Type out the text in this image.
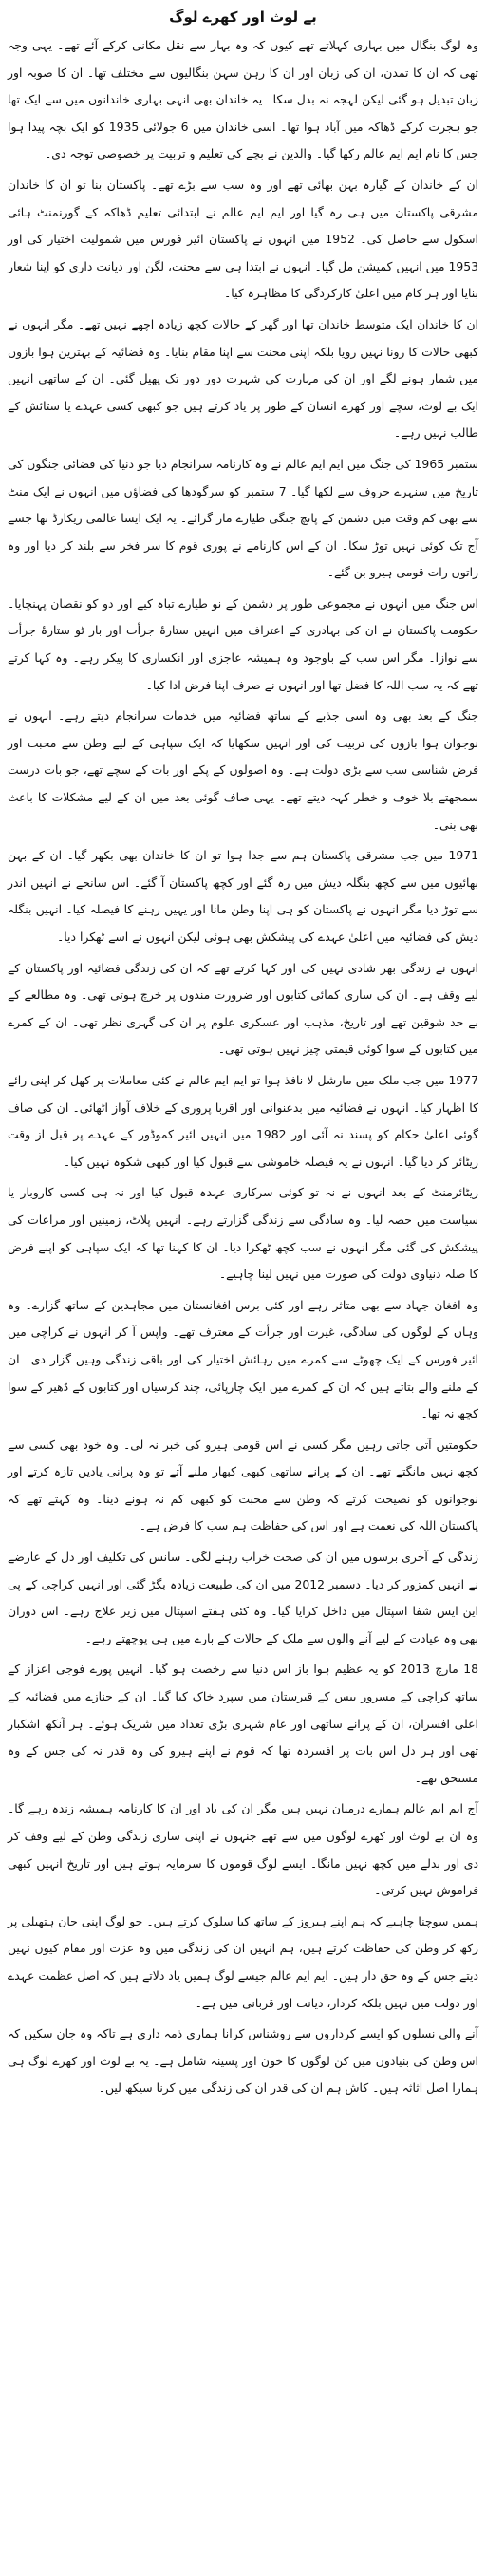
بے لوث اور کھرے لوگ

وہ لوگ بنگال میں بہاری کہلاتے تھے کیوں کہ وہ بہار سے نقل مکانی کرکے آئے تھے۔ یہی وجہ تھی کہ ان کا تمدن، ان کی زبان اور ان کا رہن سہن بنگالیوں سے مختلف تھا۔ ان کا صوبہ اور زبان تبدیل ہو گئی لیکن لہجہ نہ بدل سکا۔ یہ خاندان بھی انہی بہاری خاندانوں میں سے ایک تھا جو ہجرت کرکے ڈھاکہ میں آباد ہوا تھا۔ اسی خاندان میں 6 جولائی 1935 کو ایک بچہ پیدا ہوا جس کا نام ایم ایم عالم رکھا گیا۔ والدین نے بچے کی تعلیم و تربیت پر خصوصی توجہ دی۔

ان کے خاندان کے گیارہ بہن بھائی تھے اور وہ سب سے بڑے تھے۔ پاکستان بنا تو ان کا خاندان مشرقی پاکستان میں ہی رہ گیا اور ایم ایم عالم نے ابتدائی تعلیم ڈھاکہ کے گورنمنٹ ہائی اسکول سے حاصل کی۔ 1952 میں انہوں نے پاکستان ائیر فورس میں شمولیت اختیار کی اور 1953 میں انہیں کمیشن مل گیا۔ انہوں نے ابتدا ہی سے محنت، لگن اور دیانت داری کو اپنا شعار بنایا اور ہر کام میں اعلیٰ کارکردگی کا مظاہرہ کیا۔

ان کا خاندان ایک متوسط خاندان تھا اور گھر کے حالات کچھ زیادہ اچھے نہیں تھے۔ مگر انہوں نے کبھی حالات کا رونا نہیں رویا بلکہ اپنی محنت سے اپنا مقام بنایا۔ وہ فضائیہ کے بہترین ہوا بازوں میں شمار ہونے لگے اور ان کی مہارت کی شہرت دور دور تک پھیل گئی۔ ان کے ساتھی انہیں ایک بے لوث، سچے اور کھرے انسان کے طور پر یاد کرتے ہیں جو کبھی کسی عہدے یا ستائش کے طالب نہیں رہے۔

ستمبر 1965 کی جنگ میں ایم ایم عالم نے وہ کارنامہ سرانجام دیا جو دنیا کی فضائی جنگوں کی تاریخ میں سنہرے حروف سے لکھا گیا۔ 7 ستمبر کو سرگودھا کی فضاؤں میں انہوں نے ایک منٹ سے بھی کم وقت میں دشمن کے پانچ جنگی طیارے مار گرائے۔ یہ ایک ایسا عالمی ریکارڈ تھا جسے آج تک کوئی نہیں توڑ سکا۔ ان کے اس کارنامے نے پوری قوم کا سر فخر سے بلند کر دیا اور وہ راتوں رات قومی ہیرو بن گئے۔

اس جنگ میں انہوں نے مجموعی طور پر دشمن کے نو طیارے تباہ کیے اور دو کو نقصان پہنچایا۔ حکومت پاکستان نے ان کی بہادری کے اعتراف میں انہیں ستارۂ جرأت اور بار ٹو ستارۂ جرأت سے نوازا۔ مگر اس سب کے باوجود وہ ہمیشہ عاجزی اور انکساری کا پیکر رہے۔ وہ کہا کرتے تھے کہ یہ سب اللہ کا فضل تھا اور انہوں نے صرف اپنا فرض ادا کیا۔

جنگ کے بعد بھی وہ اسی جذبے کے ساتھ فضائیہ میں خدمات سرانجام دیتے رہے۔ انہوں نے نوجوان ہوا بازوں کی تربیت کی اور انہیں سکھایا کہ ایک سپاہی کے لیے وطن سے محبت اور فرض شناسی سب سے بڑی دولت ہے۔ وہ اصولوں کے پکے اور بات کے سچے تھے، جو بات درست سمجھتے بلا خوف و خطر کہہ دیتے تھے۔ یہی صاف گوئی بعد میں ان کے لیے مشکلات کا باعث بھی بنی۔

1971 میں جب مشرقی پاکستان ہم سے جدا ہوا تو ان کا خاندان بھی بکھر گیا۔ ان کے بہن بھائیوں میں سے کچھ بنگلہ دیش میں رہ گئے اور کچھ پاکستان آ گئے۔ اس سانحے نے انہیں اندر سے توڑ دیا مگر انہوں نے پاکستان کو ہی اپنا وطن مانا اور یہیں رہنے کا فیصلہ کیا۔ انہیں بنگلہ دیش کی فضائیہ میں اعلیٰ عہدے کی پیشکش بھی ہوئی لیکن انہوں نے اسے ٹھکرا دیا۔

انہوں نے زندگی بھر شادی نہیں کی اور کہا کرتے تھے کہ ان کی زندگی فضائیہ اور پاکستان کے لیے وقف ہے۔ ان کی ساری کمائی کتابوں اور ضرورت مندوں پر خرچ ہوتی تھی۔ وہ مطالعے کے بے حد شوقین تھے اور تاریخ، مذہب اور عسکری علوم پر ان کی گہری نظر تھی۔ ان کے کمرے میں کتابوں کے سوا کوئی قیمتی چیز نہیں ہوتی تھی۔

1977 میں جب ملک میں مارشل لا نافذ ہوا تو ایم ایم عالم نے کئی معاملات پر کھل کر اپنی رائے کا اظہار کیا۔ انہوں نے فضائیہ میں بدعنوانی اور اقربا پروری کے خلاف آواز اٹھائی۔ ان کی صاف گوئی اعلیٰ حکام کو پسند نہ آئی اور 1982 میں انہیں ائیر کموڈور کے عہدے پر قبل از وقت ریٹائر کر دیا گیا۔ انہوں نے یہ فیصلہ خاموشی سے قبول کیا اور کبھی شکوہ نہیں کیا۔

ریٹائرمنٹ کے بعد انہوں نے نہ تو کوئی سرکاری عہدہ قبول کیا اور نہ ہی کسی کاروبار یا سیاست میں حصہ لیا۔ وہ سادگی سے زندگی گزارتے رہے۔ انہیں پلاٹ، زمینیں اور مراعات کی پیشکش کی گئی مگر انہوں نے سب کچھ ٹھکرا دیا۔ ان کا کہنا تھا کہ ایک سپاہی کو اپنے فرض کا صلہ دنیاوی دولت کی صورت میں نہیں لینا چاہیے۔

وہ افغان جہاد سے بھی متاثر رہے اور کئی برس افغانستان میں مجاہدین کے ساتھ گزارے۔ وہ وہاں کے لوگوں کی سادگی، غیرت اور جرأت کے معترف تھے۔ واپس آ کر انہوں نے کراچی میں ائیر فورس کے ایک چھوٹے سے کمرے میں رہائش اختیار کی اور باقی زندگی وہیں گزار دی۔ ان کے ملنے والے بتاتے ہیں کہ ان کے کمرے میں ایک چارپائی، چند کرسیاں اور کتابوں کے ڈھیر کے سوا کچھ نہ تھا۔

حکومتیں آتی جاتی رہیں مگر کسی نے اس قومی ہیرو کی خبر نہ لی۔ وہ خود بھی کسی سے کچھ نہیں مانگتے تھے۔ ان کے پرانے ساتھی کبھی کبھار ملنے آتے تو وہ پرانی یادیں تازہ کرتے اور نوجوانوں کو نصیحت کرتے کہ وطن سے محبت کو کبھی کم نہ ہونے دینا۔ وہ کہتے تھے کہ پاکستان اللہ کی نعمت ہے اور اس کی حفاظت ہم سب کا فرض ہے۔

زندگی کے آخری برسوں میں ان کی صحت خراب رہنے لگی۔ سانس کی تکلیف اور دل کے عارضے نے انہیں کمزور کر دیا۔ دسمبر 2012 میں ان کی طبیعت زیادہ بگڑ گئی اور انہیں کراچی کے پی این ایس شفا اسپتال میں داخل کرایا گیا۔ وہ کئی ہفتے اسپتال میں زیر علاج رہے۔ اس دوران بھی وہ عیادت کے لیے آنے والوں سے ملک کے حالات کے بارے میں ہی پوچھتے رہے۔

18 مارچ 2013 کو یہ عظیم ہوا باز اس دنیا سے رخصت ہو گیا۔ انہیں پورے فوجی اعزاز کے ساتھ کراچی کے مسرور بیس کے قبرستان میں سپرد خاک کیا گیا۔ ان کے جنازے میں فضائیہ کے اعلیٰ افسران، ان کے پرانے ساتھی اور عام شہری بڑی تعداد میں شریک ہوئے۔ ہر آنکھ اشکبار تھی اور ہر دل اس بات پر افسردہ تھا کہ قوم نے اپنے ہیرو کی وہ قدر نہ کی جس کے وہ مستحق تھے۔

آج ایم ایم عالم ہمارے درمیان نہیں ہیں مگر ان کی یاد اور ان کا کارنامہ ہمیشہ زندہ رہے گا۔ وہ ان بے لوث اور کھرے لوگوں میں سے تھے جنہوں نے اپنی ساری زندگی وطن کے لیے وقف کر دی اور بدلے میں کچھ نہیں مانگا۔ ایسے لوگ قوموں کا سرمایہ ہوتے ہیں اور تاریخ انہیں کبھی فراموش نہیں کرتی۔

ہمیں سوچنا چاہیے کہ ہم اپنے ہیروز کے ساتھ کیا سلوک کرتے ہیں۔ جو لوگ اپنی جان ہتھیلی پر رکھ کر وطن کی حفاظت کرتے ہیں، ہم انہیں ان کی زندگی میں وہ عزت اور مقام کیوں نہیں دیتے جس کے وہ حق دار ہیں۔ ایم ایم عالم جیسے لوگ ہمیں یاد دلاتے ہیں کہ اصل عظمت عہدے اور دولت میں نہیں بلکہ کردار، دیانت اور قربانی میں ہے۔

آنے والی نسلوں کو ایسے کرداروں سے روشناس کرانا ہماری ذمہ داری ہے تاکہ وہ جان سکیں کہ اس وطن کی بنیادوں میں کن لوگوں کا خون اور پسینہ شامل ہے۔ یہ بے لوث اور کھرے لوگ ہی ہمارا اصل اثاثہ ہیں۔ کاش ہم ان کی قدر ان کی زندگی میں کرنا سیکھ لیں۔
